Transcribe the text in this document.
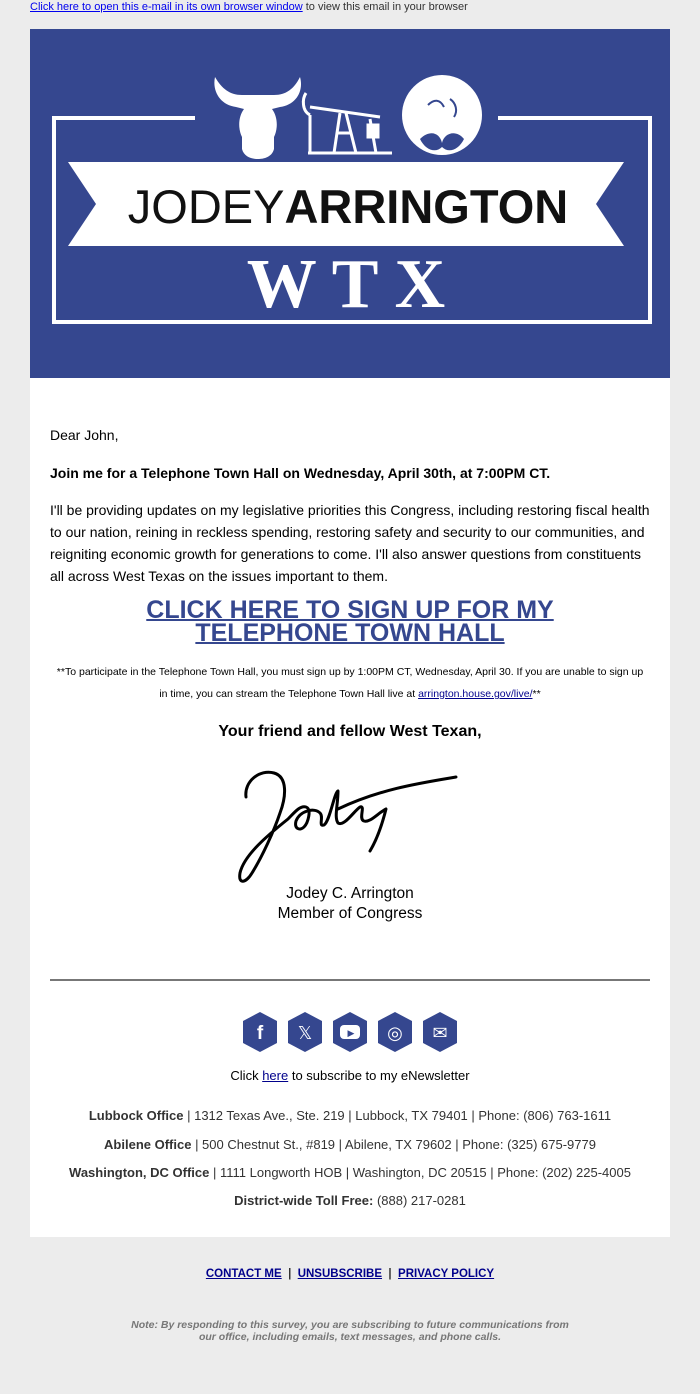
Click here to open this e-mail in its own browser window to view this email in your browser
JODEYARRINGTON
W T X
Dear John,
Join me for a Telephone Town Hall on Wednesday, April 30th, at 7:00PM CT.
I'll be providing updates on my legislative priorities this Congress, including restoring fiscal health to our nation, reining in reckless spending, restoring safety and security to our communities, and reigniting economic growth for generations to come. I'll also answer questions from constituents all across West Texas on the issues important to them.
CLICK HERE TO SIGN UP FOR MY
TELEPHONE TOWN HALL
**To participate in the Telephone Town Hall, you must sign up by 1:00PM CT, Wednesday, April 30. If you are unable to sign up
in time, you can stream the Telephone Town Hall live at arrington.house.gov/live/**
Your friend and fellow West Texan,
Jodey
Jodey C. Arrington
Member of Congress
f 𝕏	▶ ◎ ✉
Click here to subscribe to my eNewsletter
Lubbock Office | 1312 Texas Ave., Ste. 219 | Lubbock, TX 79401 | Phone: (806) 763-1611
Abilene Office | 500 Chestnut St., #819 | Abilene, TX 79602 | Phone: (325) 675-9779
Washington, DC Office | 1111 Longworth HOB | Washington, DC 20515 | Phone: (202) 225-4005
District-wide Toll Free: (888) 217-0281
CONTACT ME | UNSUBSCRIBE | PRIVACY POLICY
Note: By responding to this survey, you are subscribing to future communications from
our office, including emails, text messages, and phone calls.
